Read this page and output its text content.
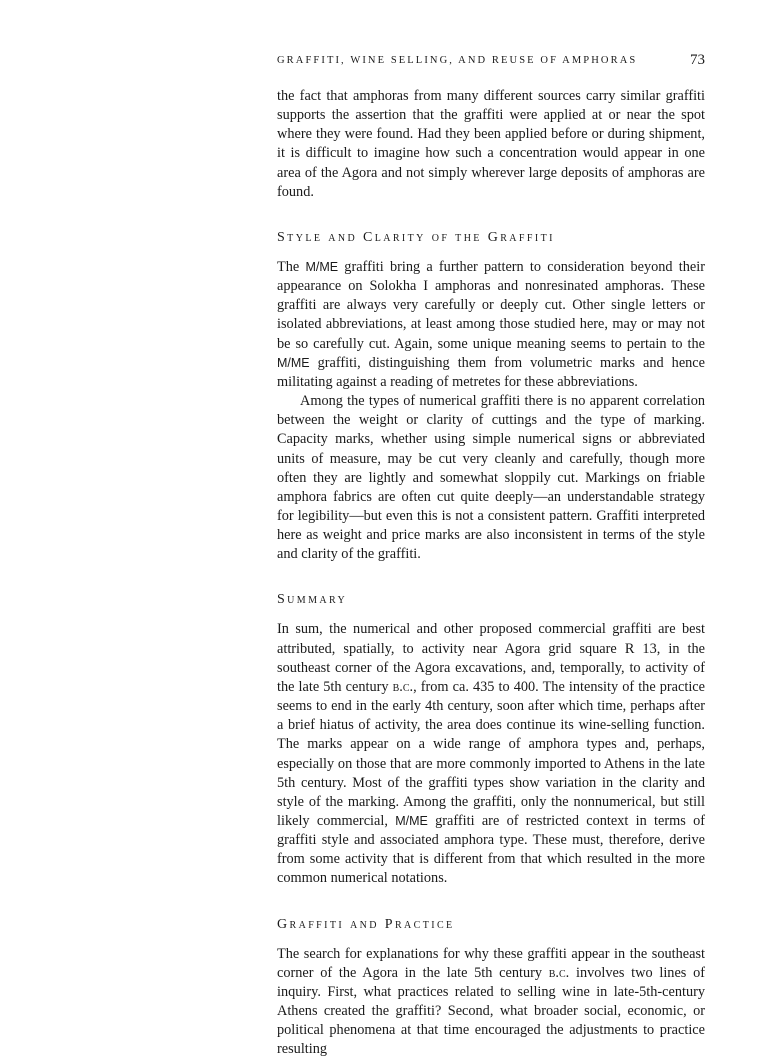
GRAFFITI, WINE SELLING, AND REUSE OF AMPHORAS	73

the fact that amphoras from many different sources carry similar graffiti supports the assertion that the graffiti were applied at or near the spot where they were found. Had they been applied before or during shipment, it is difficult to imagine how such a concentration would appear in one area of the Agora and not simply wherever large deposits of amphoras are found.

Style and Clarity of the Graffiti

The M/ME graffiti bring a further pattern to consideration beyond their appearance on Solokha I amphoras and nonresinated amphoras. These graffiti are always very carefully or deeply cut. Other single letters or isolated abbreviations, at least among those studied here, may or may not be so carefully cut. Again, some unique meaning seems to pertain to the M/ME graffiti, distinguishing them from volumetric marks and hence militating against a reading of metretes for these abbreviations.

Among the types of numerical graffiti there is no apparent correlation between the weight or clarity of cuttings and the type of marking. Capacity marks, whether using simple numerical signs or abbreviated units of measure, may be cut very cleanly and carefully, though more often they are lightly and somewhat sloppily cut. Markings on friable amphora fabrics are often cut quite deeply—an understandable strategy for legibility—but even this is not a consistent pattern. Graffiti interpreted here as weight and price marks are also inconsistent in terms of the style and clarity of the graffiti.

Summary

In sum, the numerical and other proposed commercial graffiti are best attributed, spatially, to activity near Agora grid square R 13, in the southeast corner of the Agora excavations, and, temporally, to activity of the late 5th century b.c., from ca. 435 to 400. The intensity of the practice seems to end in the early 4th century, soon after which time, perhaps after a brief hiatus of activity, the area does continue its wine-selling function. The marks appear on a wide range of amphora types and, perhaps, especially on those that are more commonly imported to Athens in the late 5th century. Most of the graffiti types show variation in the clarity and style of the marking. Among the graffiti, only the nonnumerical, but still likely commercial, M/ME graffiti are of restricted context in terms of graffiti style and associated amphora type. These must, therefore, derive from some activity that is different from that which resulted in the more common numerical notations.

Graffiti and Practice

The search for explanations for why these graffiti appear in the southeast corner of the Agora in the late 5th century b.c. involves two lines of inquiry. First, what practices related to selling wine in late-5th-century Athens created the graffiti? Second, what broader social, economic, or political phenomena at that time encouraged the adjustments to practice resulting
